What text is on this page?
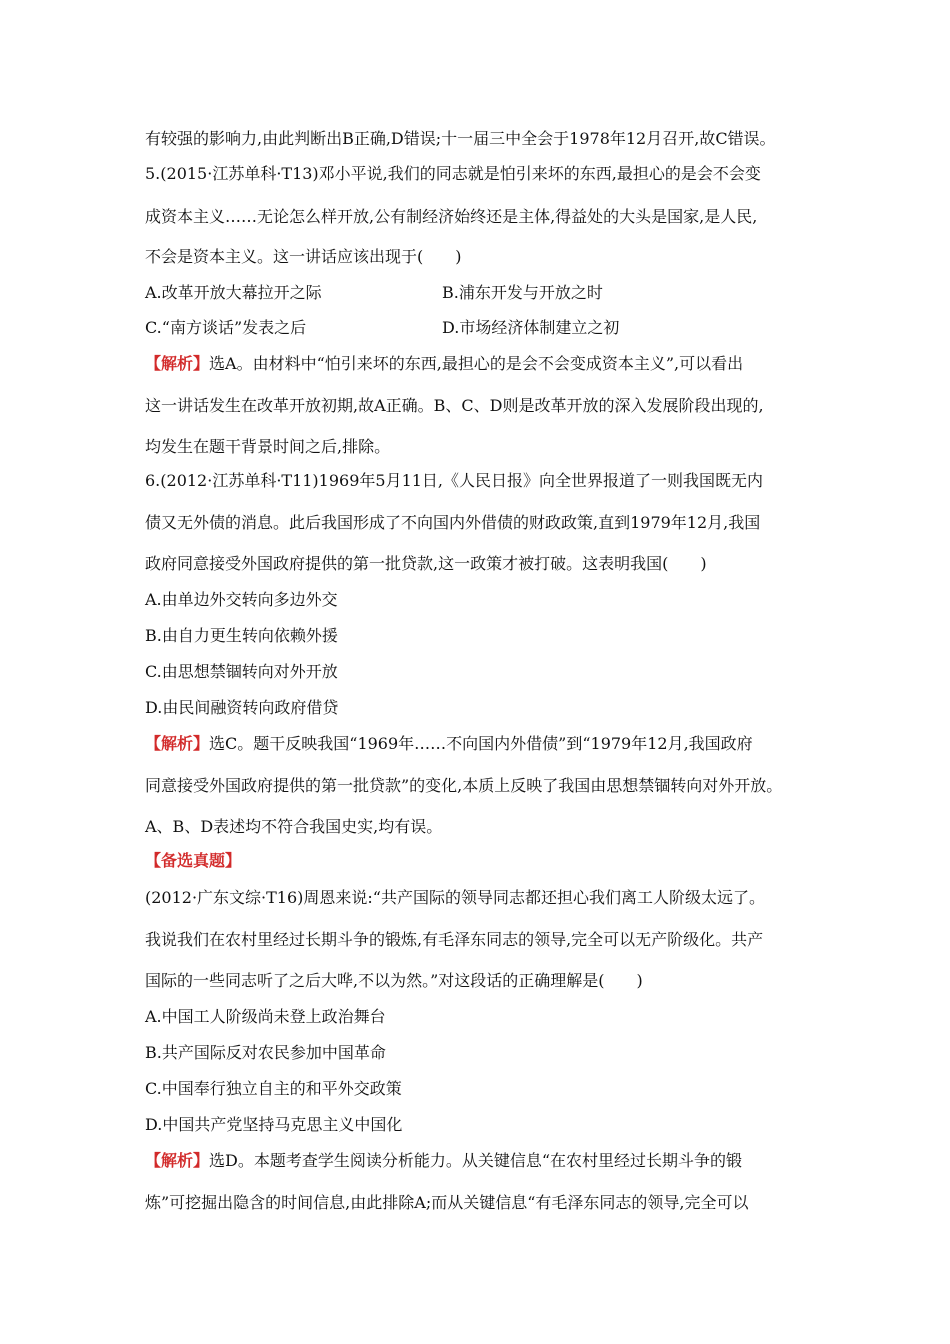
有较强的影响力,由此判断出B正确,D错误;十一届三中全会于1978年12月召开,故C错误。
5.(2015·江苏单科·T13)邓小平说,我们的同志就是怕引来坏的东西,最担心的是会不会变
成资本主义……无论怎么样开放,公有制经济始终还是主体,得益处的大头是国家,是人民,
不会是资本主义。这一讲话应该出现于(　　)
A.改革开放大幕拉开之际	B.浦东开发与开放之时
C.“南方谈话”发表之后	D.市场经济体制建立之初
【解析】选A。由材料中“怕引来坏的东西,最担心的是会不会变成资本主义”,可以看出
这一讲话发生在改革开放初期,故A正确。B、C、D则是改革开放的深入发展阶段出现的,
均发生在题干背景时间之后,排除。
6.(2012·江苏单科·T11)1969年5月11日,《人民日报》向全世界报道了一则我国既无内
债又无外债的消息。此后我国形成了不向国内外借债的财政政策,直到1979年12月,我国
政府同意接受外国政府提供的第一批贷款,这一政策才被打破。这表明我国(　　)
A.由单边外交转向多边外交
B.由自力更生转向依赖外援
C.由思想禁锢转向对外开放
D.由民间融资转向政府借贷
【解析】选C。题干反映我国“1969年……不向国内外借债”到“1979年12月,我国政府
同意接受外国政府提供的第一批贷款”的变化,本质上反映了我国由思想禁锢转向对外开放。
A、B、D表述均不符合我国史实,均有误。
【备选真题】
(2012·广东文综·T16)周恩来说:“共产国际的领导同志都还担心我们离工人阶级太远了。
我说我们在农村里经过长期斗争的锻炼,有毛泽东同志的领导,完全可以无产阶级化。共产
国际的一些同志听了之后大哗,不以为然。”对这段话的正确理解是(　　)
A.中国工人阶级尚未登上政治舞台
B.共产国际反对农民参加中国革命
C.中国奉行独立自主的和平外交政策
D.中国共产党坚持马克思主义中国化
【解析】选D。本题考查学生阅读分析能力。从关键信息“在农村里经过长期斗争的锻
炼”可挖掘出隐含的时间信息,由此排除A;而从关键信息“有毛泽东同志的领导,完全可以
